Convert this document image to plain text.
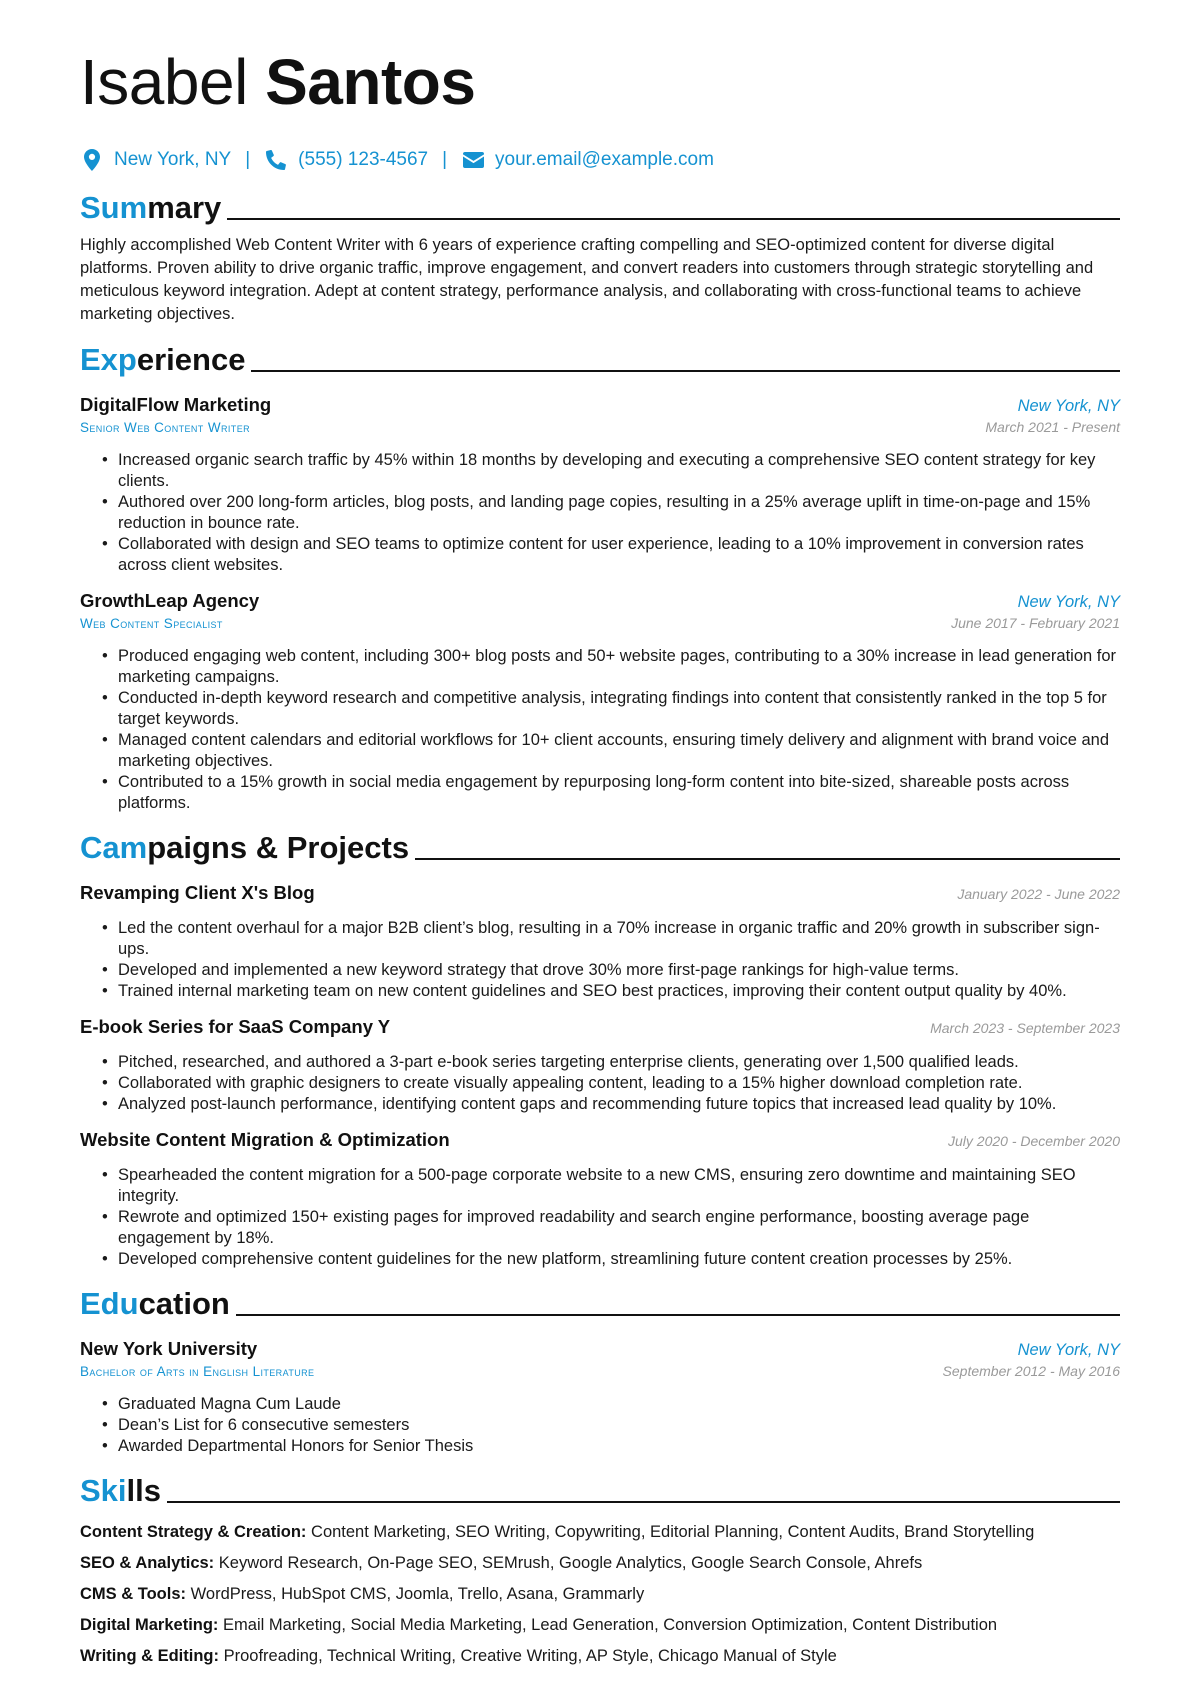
Isabel Santos
New York, NY |	(555) 123-4567 |	your.email@example.com
Summary

Highly accomplished Web Content Writer with 6 years of experience crafting compelling and SEO-optimized content for diverse digital platforms. Proven ability to drive organic traffic, improve engagement, and convert readers into customers through strategic storytelling and meticulous keyword integration. Adept at content strategy, performance analysis, and collaborating with cross-functional teams to achieve marketing objectives.

Experience
DigitalFlow Marketing	New York, NY
Senior Web Content Writer	March 2021 - Present
• Increased organic search traffic by 45% within 18 months by developing and executing a comprehensive SEO content strategy for key clients.
• Authored over 200 long-form articles, blog posts, and landing page copies, resulting in a 25% average uplift in time-on-page and 15% reduction in bounce rate.
• Collaborated with design and SEO teams to optimize content for user experience, leading to a 10% improvement in conversion rates across client websites.
GrowthLeap Agency	New York, NY
Web Content Specialist	June 2017 - February 2021
• Produced engaging web content, including 300+ blog posts and 50+ website pages, contributing to a 30% increase in lead generation for marketing campaigns.
• Conducted in-depth keyword research and competitive analysis, integrating findings into content that consistently ranked in the top 5 for target keywords.
• Managed content calendars and editorial workflows for 10+ client accounts, ensuring timely delivery and alignment with brand voice and marketing objectives.
• Contributed to a 15% growth in social media engagement by repurposing long-form content into bite-sized, shareable posts across platforms.
Campaigns & Projects
Revamping Client X's Blog	January 2022 - June 2022
• Led the content overhaul for a major B2B client’s blog, resulting in a 70% increase in organic traffic and 20% growth in subscriber sign-ups.
• Developed and implemented a new keyword strategy that drove 30% more first-page rankings for high-value terms.
• Trained internal marketing team on new content guidelines and SEO best practices, improving their content output quality by 40%.
E-book Series for SaaS Company Y	March 2023 - September 2023
• Pitched, researched, and authored a 3-part e-book series targeting enterprise clients, generating over 1,500 qualified leads.
• Collaborated with graphic designers to create visually appealing content, leading to a 15% higher download completion rate.
• Analyzed post-launch performance, identifying content gaps and recommending future topics that increased lead quality by 10%.
Website Content Migration & Optimization	July 2020 - December 2020
• Spearheaded the content migration for a 500-page corporate website to a new CMS, ensuring zero downtime and maintaining SEO integrity.
• Rewrote and optimized 150+ existing pages for improved readability and search engine performance, boosting average page engagement by 18%.
• Developed comprehensive content guidelines for the new platform, streamlining future content creation processes by 25%.
Education
New York University	New York, NY
Bachelor of Arts in English Literature	September 2012 - May 2016
• Graduated Magna Cum Laude
• Dean’s List for 6 consecutive semesters
• Awarded Departmental Honors for Senior Thesis
Skills
Content Strategy & Creation: Content Marketing, SEO Writing, Copywriting, Editorial Planning, Content Audits, Brand Storytelling
SEO & Analytics: Keyword Research, On-Page SEO, SEMrush, Google Analytics, Google Search Console, Ahrefs
CMS & Tools: WordPress, HubSpot CMS, Joomla, Trello, Asana, Grammarly
Digital Marketing: Email Marketing, Social Media Marketing, Lead Generation, Conversion Optimization, Content Distribution
Writing & Editing: Proofreading, Technical Writing, Creative Writing, AP Style, Chicago Manual of Style
